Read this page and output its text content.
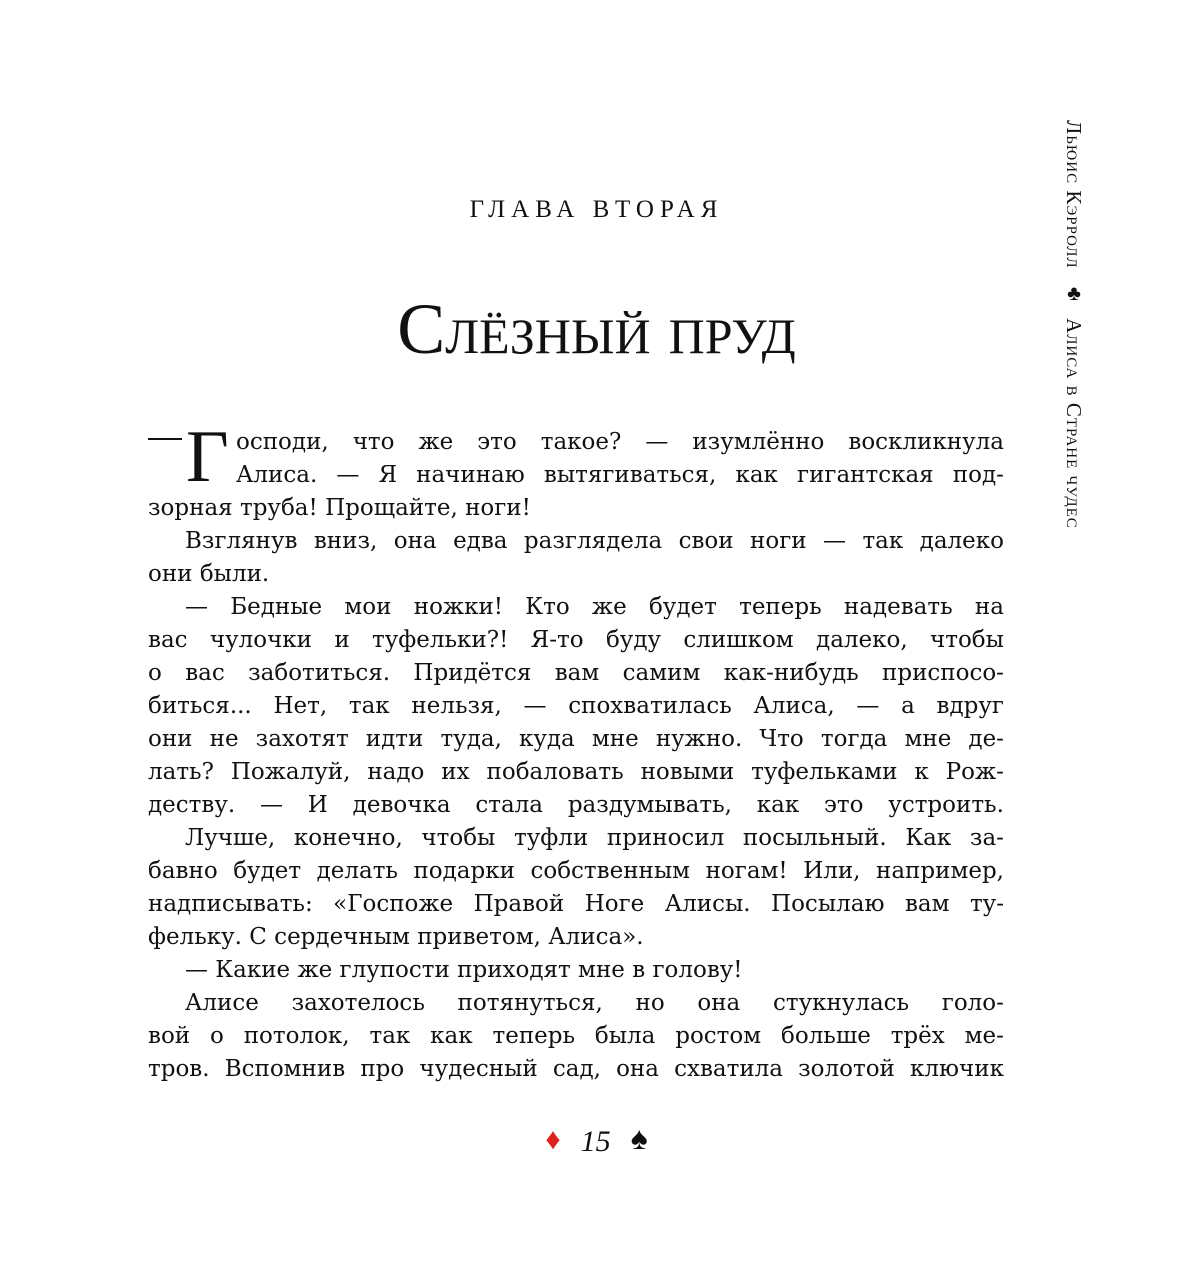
ГЛАВА ВТОРАЯ
Слёзный пруд
Льюис Кэрролл ♣ Алиса в Стране чудес
Г осподи, что же это такое? — изумлённо воскликнула
Алиса. — Я начинаю вытягиваться, как гигантская под-
зорная труба! Прощайте, ноги!
Взглянув вниз, она едва разглядела свои ноги — так далеко
они были.
— Бедные мои ножки! Кто же будет теперь надевать на
вас чулочки и туфельки?! Я-то буду слишком далеко, чтобы
о вас заботиться. Придётся вам самим как-нибудь приспосо-
биться... Нет, так нельзя, — спохватилась Алиса, — а вдруг
они не захотят идти туда, куда мне нужно. Что тогда мне де-
лать? Пожалуй, надо их побаловать новыми туфельками к Рож-
деству. — И девочка стала раздумывать, как это устроить.
Лучше, конечно, чтобы туфли приносил посыльный. Как за-
бавно будет делать подарки собственным ногам! Или, например,
надписывать: «Госпоже Правой Ноге Алисы. Посылаю вам ту-
фельку. С сердечным приветом, Алиса».
— Какие же глупости приходят мне в голову!
Алисе захотелось потянуться, но она стукнулась голо-
вой о потолок, так как теперь была ростом больше трёх ме-
тров. Вспомнив про чудесный сад, она схватила золотой ключик
♦ 15 ♠
